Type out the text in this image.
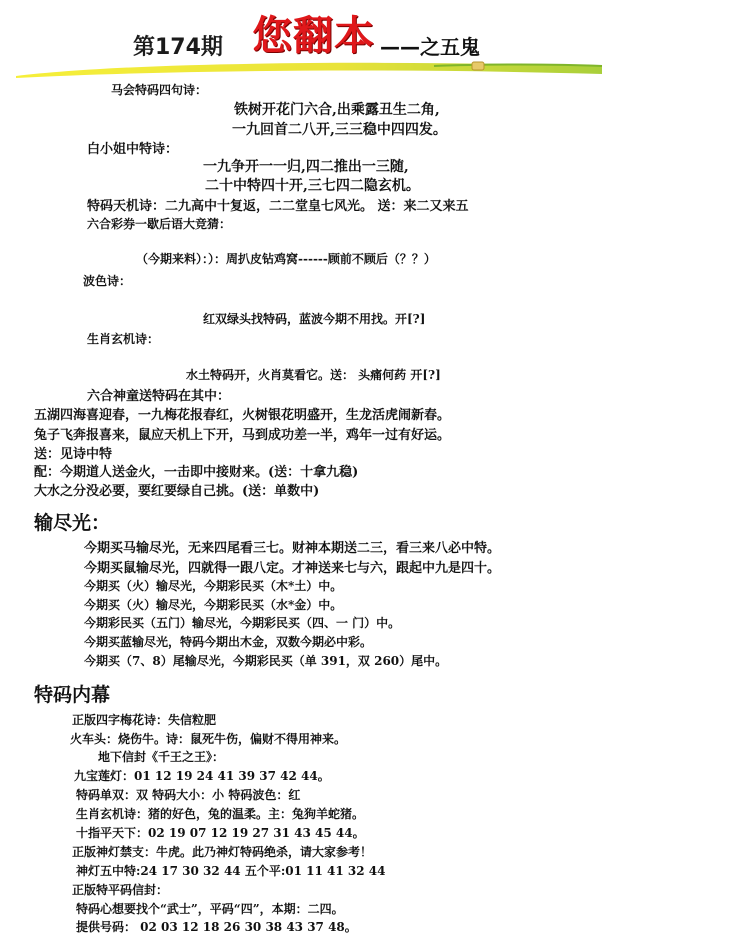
第174期 您翻本 ——之五鬼
马会特码四句诗：
铁树开花门六合,出乘露丑生二角,
一九回首二八开,三三稳中四四发。
白小姐中特诗：
一九争开一一归,四二推出一三随,
二十中特四十开,三七四二隐玄机。
特码天机诗：二九高中十复返，二二堂皇七风光。 送：来二又来五
六合彩券一歇后语大竞猜：
（今期来料）：）：周扒皮钻鸡窝------顾前不顾后（？？）
波色诗：
红双绿头找特码，蓝波今期不用找。开[?]
生肖玄机诗：
水土特码开，火肖莫看它。送： 头痛何药 开[?]
六合神童送特码在其中：
五湖四海喜迎春，一九梅花报春红，火树银花明盛开，生龙活虎闹新春。
兔子飞奔报喜来，鼠应天机上下开，马到成功差一半，鸡年一过有好运。
送：见诗中特
配：今期道人送金火，一击即中接财来。(送：十拿九稳)
大水之分没必要，要红要绿自己挑。(送：单数中)
输尽光：
今期买马输尽光，无来四尾看三七。财神本期送二三，看三来八必中特。
今期买鼠输尽光，四就得一跟八定。才神送来七与六，跟起中九是四十。
今期买（火）输尽光，今期彩民买（木*土）中。
今期买（火）输尽光，今期彩民买（水*金）中。
今期彩民买（五门）输尽光，今期彩民买（四、一 门）中。
今期买蓝输尽光，特码今期出木金，双数今期必中彩。
今期买（7、8）尾输尽光，今期彩民买（单 391，双 260）尾中。
特码内幕
正版四字梅花诗：失信粒肥
火车头：烧伤牛。诗：鼠死牛伤，偏财不得用神来。
地下信封《千王之王》：
九宝莲灯：01 12 19 24 41 39 37 42 44。
特码单双：双 特码大小：小 特码波色：红
生肖玄机诗：猪的好色，兔的温柔。主：兔狗羊蛇猪。
十指平天下：02 19 07 12 19 27 31 43 45 44。
正版神灯禁支：牛虎。此乃神灯特码绝杀，请大家参考！
神灯五中特:24 17 30 32 44 五个平:01 11 41 32 44
正版特平码信封：
特码心想要找个“武士”，平码“四”，本期：二四。
提供号码： 02 03 12 18 26 30 38 43 37 48。
